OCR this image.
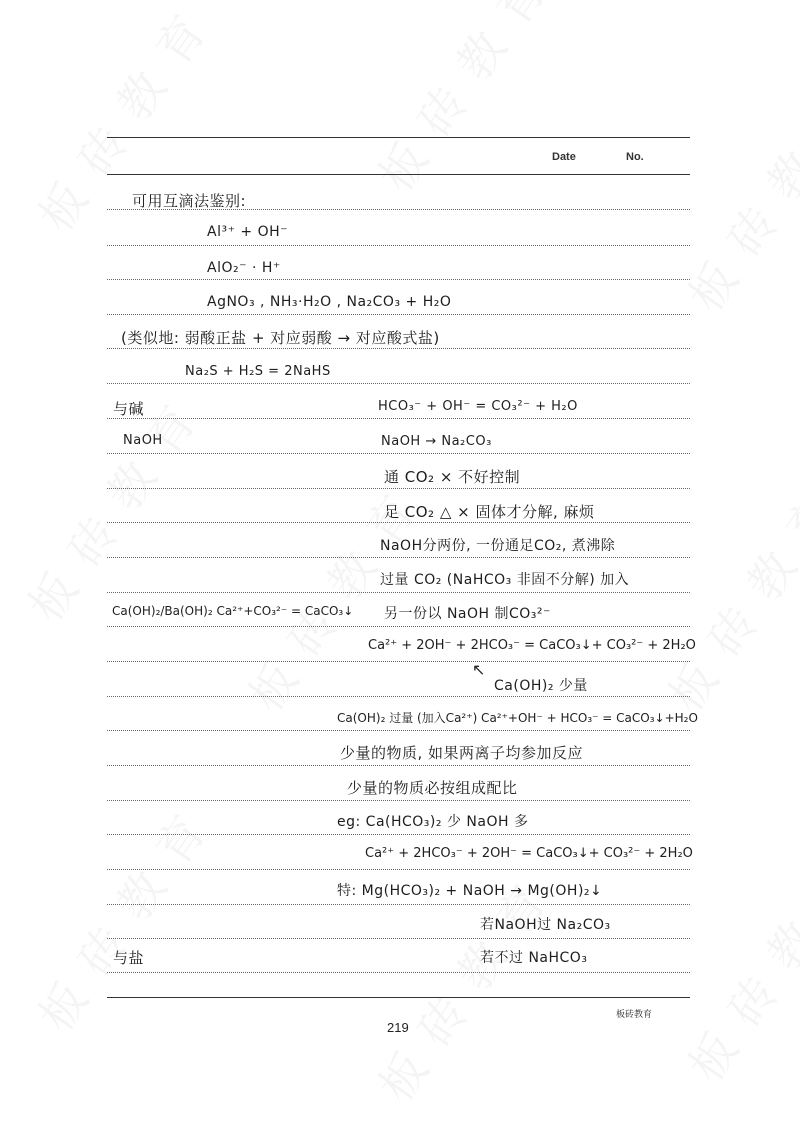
Date	No.
可用互滴法鉴别:
Al³⁺ + OH⁻
AlO₂⁻ · H⁺
AgNO₃ , NH₃·H₂O , Na₂CO₃ + H₂O
(类似地: 弱酸正盐 + 对应弱酸 → 对应酸式盐)
Na₂S + H₂S = 2NaHS
与碱	HCO₃⁻ + OH⁻ = CO₃²⁻ + H₂O
NaOH	NaOH → Na₂CO₃
通 CO₂ × 不好控制
足 CO₂ △ × 固体才分解, 麻烦
NaOH分两份, 一份通足CO₂, 煮沸除
过量 CO₂ (NaHCO₃ 非固不分解) 加入
Ca(OH)₂/Ba(OH)₂ Ca²⁺+CO₃²⁻ = CaCO₃↓ 另一份以 NaOH 制CO₃²⁻
Ca²⁺ + 2OH⁻ + 2HCO₃⁻ = CaCO₃↓+ CO₃²⁻ + 2H₂O
↖
Ca(OH)₂ 少量
Ca(OH)₂ 过量 (加入Ca²⁺) Ca²⁺+OH⁻ + HCO₃⁻ = CaCO₃↓+H₂O
少量的物质, 如果两离子均参加反应
少量的物质必按组成配比
eg: Ca(HCO₃)₂ 少 NaOH 多
Ca²⁺ + 2HCO₃⁻ + 2OH⁻ = CaCO₃↓+ CO₃²⁻ + 2H₂O
特: Mg(HCO₃)₂ + NaOH → Mg(OH)₂↓
若NaOH过 Na₂CO₃
与盐	若不过 NaHCO₃
板砖教育
219
